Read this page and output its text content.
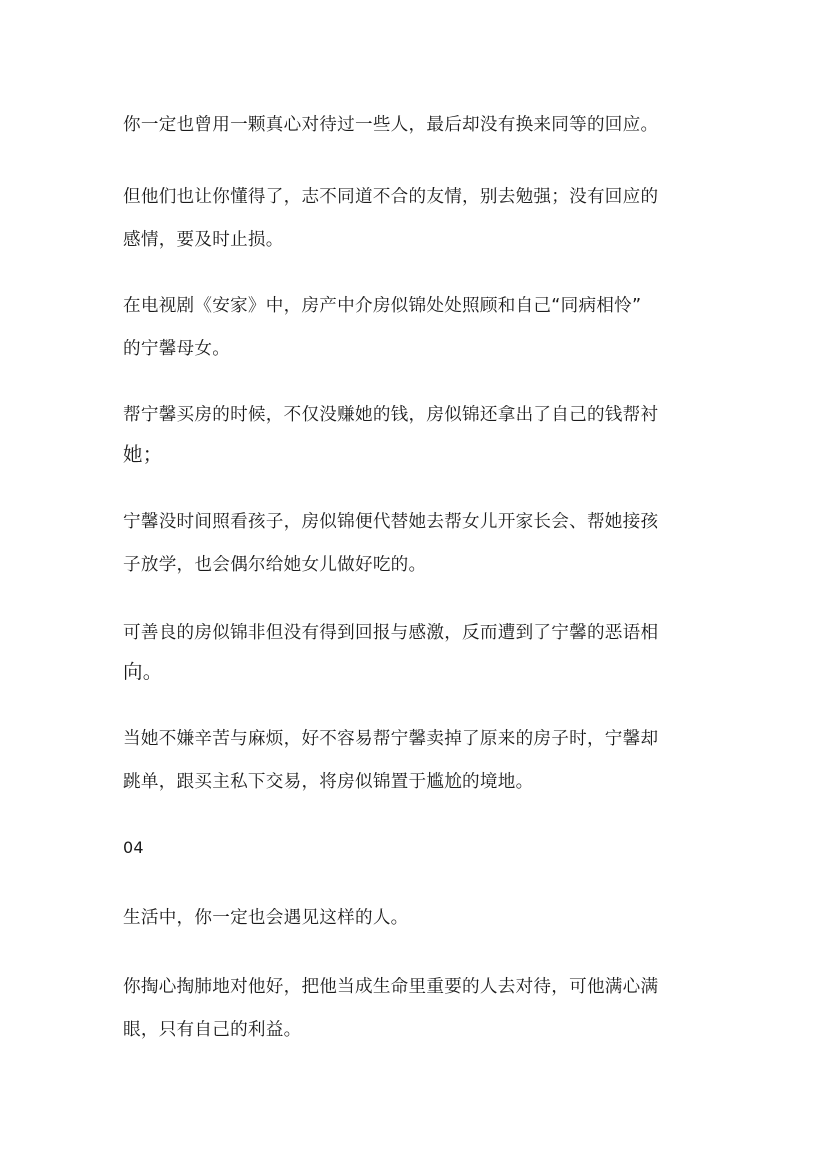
你一定也曾用一颗真心对待过一些人，最后却没有换来同等的回应。
但他们也让你懂得了，志不同道不合的友情，别去勉强；没有回应的
感情，要及时止损。
在电视剧《安家》中，房产中介房似锦处处照顾和自己“同病相怜”
的宁馨母女。
帮宁馨买房的时候，不仅没赚她的钱，房似锦还拿出了自己的钱帮衬
她；
宁馨没时间照看孩子，房似锦便代替她去帮女儿开家长会、帮她接孩
子放学，也会偶尔给她女儿做好吃的。
可善良的房似锦非但没有得到回报与感激，反而遭到了宁馨的恶语相
向。
当她不嫌辛苦与麻烦，好不容易帮宁馨卖掉了原来的房子时，宁馨却
跳单，跟买主私下交易，将房似锦置于尴尬的境地。
04
生活中，你一定也会遇见这样的人。
你掏心掏肺地对他好，把他当成生命里重要的人去对待，可他满心满
眼，只有自己的利益。
